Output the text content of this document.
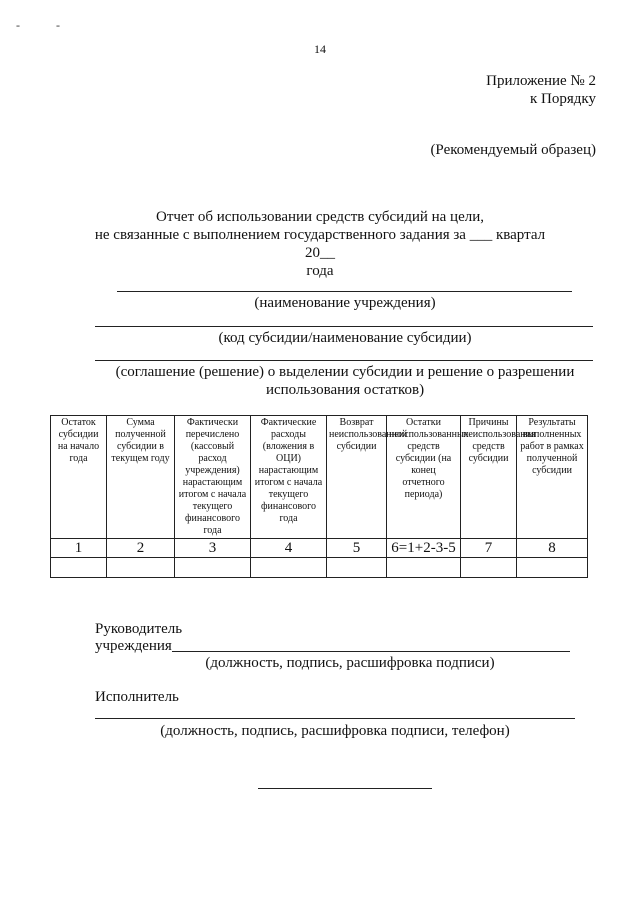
-            -
14
Приложение № 2
к Порядку
(Рекомендуемый образец)
Отчет об использовании средств субсидий на цели,
не связанные с выполнением государственного задания за ___ квартал 20__
года
(наименование учреждения)
(код субсидии/наименование субсидии)
(соглашение (решение) о выделении субсидии и решение о разрешении
использования остатков)
Остаток субсидии на начало года	Сумма полученной субсидии в текущем году	Фактически перечислено (кассовый расход учреждения) нарастающим итогом с начала текущего финансового года	Фактические расходы (вложения в ОЦИ) нарастающим итогом с начала текущего финансового года	Возврат неиспользованной субсидии	Остатки неиспользованных средств субсидии (на конец отчетного периода)	Причины неиспользования средств субсидии	Результаты выполненных работ в рамках полученной субсидии
1	2	3	4	5	6=1+2-3-5	7	8

Руководитель
учреждения
(должность, подпись, расшифровка подписи)
Исполнитель
(должность, подпись, расшифровка подписи, телефон)
